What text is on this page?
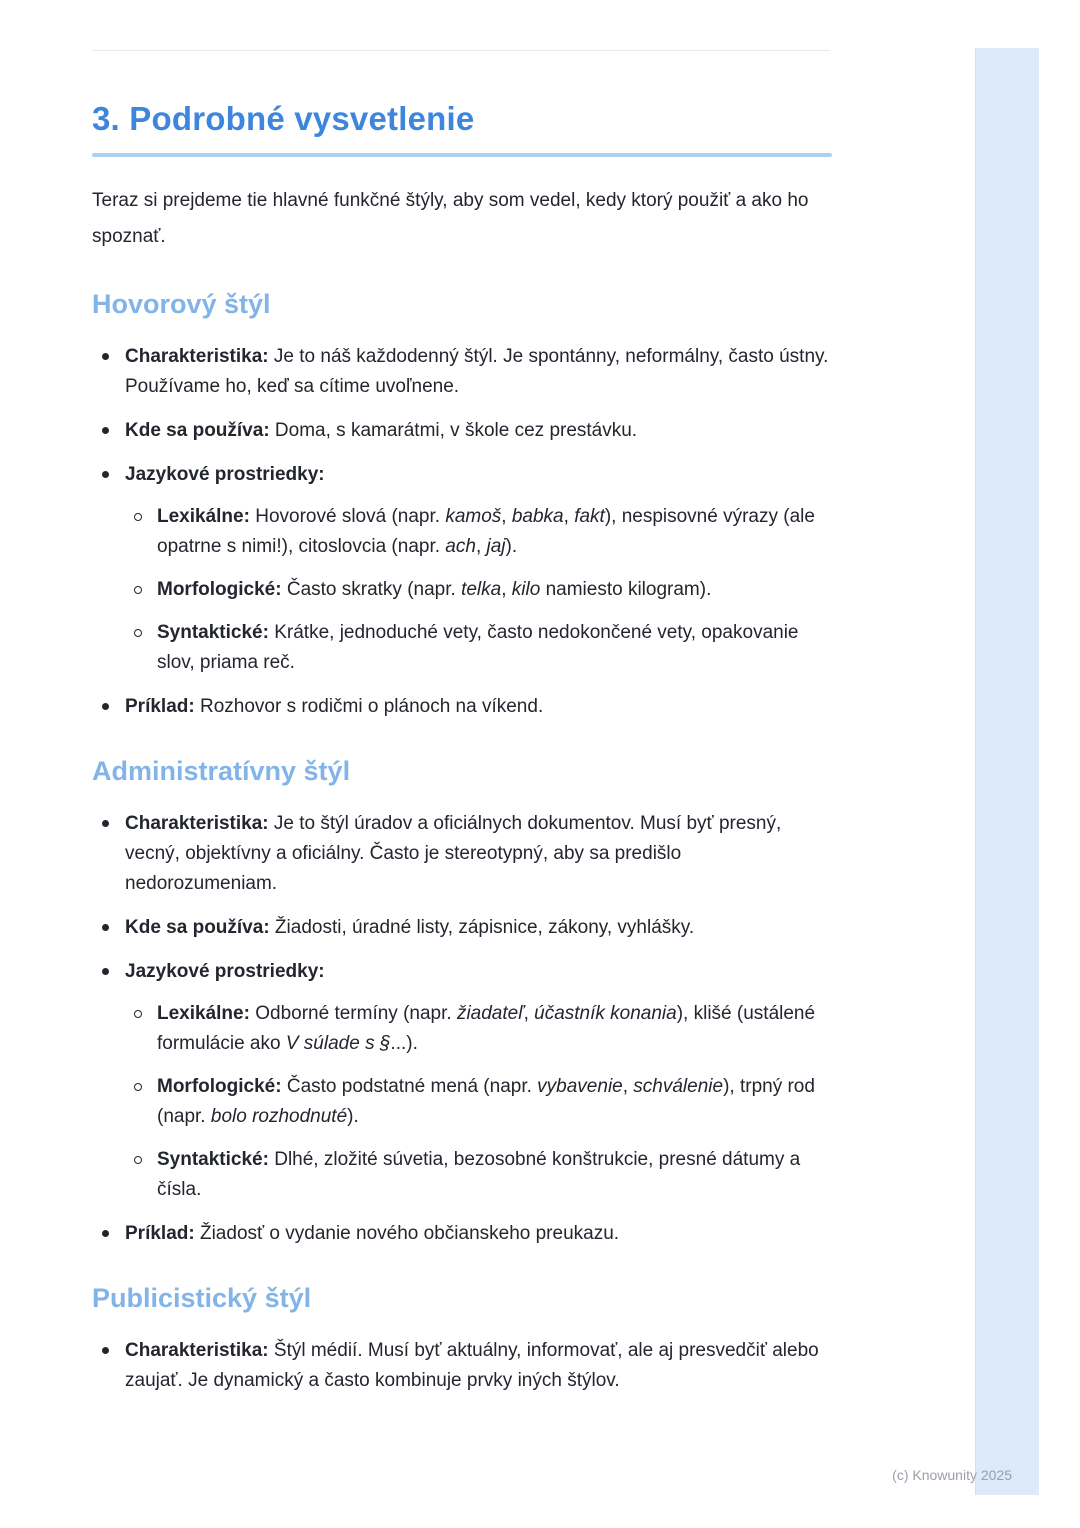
3. Podrobné vysvetlenie

Teraz si prejdeme tie hlavné funkčné štýly, aby som vedel, kedy ktorý použiť a ako ho spoznať.

Hovorový štýl
Charakteristika: Je to náš každodenný štýl. Je spontánny, neformálny, často ústny. Používame ho, keď sa cítime uvoľnene.
Kde sa používa: Doma, s kamarátmi, v škole cez prestávku.
Jazykové prostriedky:
Lexikálne: Hovorové slová (napr. kamoš, babka, fakt), nespisovné výrazy (ale opatrne s nimi!), citoslovcia (napr. ach, jaj).
Morfologické: Často skratky (napr. telka, kilo namiesto kilogram).
Syntaktické: Krátke, jednoduché vety, často nedokončené vety, opakovanie slov, priama reč.
Príklad: Rozhovor s rodičmi o plánoch na víkend.
Administratívny štýl
Charakteristika: Je to štýl úradov a oficiálnych dokumentov. Musí byť presný, vecný, objektívny a oficiálny. Často je stereotypný, aby sa predišlo nedorozumeniam.
Kde sa používa: Žiadosti, úradné listy, zápisnice, zákony, vyhlášky.
Jazykové prostriedky:
Lexikálne: Odborné termíny (napr. žiadateľ, účastník konania), klišé (ustálené formulácie ako V súlade s §...).
Morfologické: Často podstatné mená (napr. vybavenie, schválenie), trpný rod (napr. bolo rozhodnuté).
Syntaktické: Dlhé, zložité súvetia, bezosobné konštrukcie, presné dátumy a čísla.
Príklad: Žiadosť o vydanie nového občianskeho preukazu.
Publicistický štýl
Charakteristika: Štýl médií. Musí byť aktuálny, informovať, ale aj presvedčiť alebo zaujať. Je dynamický a často kombinuje prvky iných štýlov.
(c) Knowunity 2025
